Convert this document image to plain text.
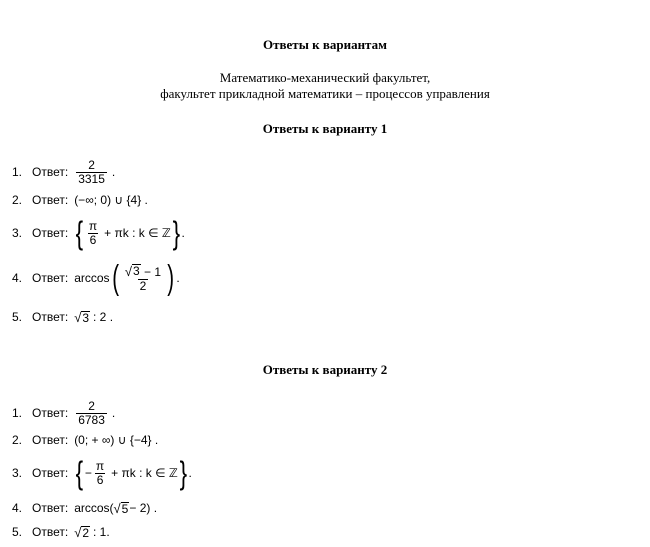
Ответы к вариантам
Математико-механический факультет,
факультет прикладной математики – процессов управления
Ответы к варианту 1
1. Ответ: $\frac{2}{3315}$ .
2. Ответ: (−∞; 0) ∪ {4} .
3. Ответ: { $\frac{\pi}{6} + \pi k$ : k ∈ ℤ } .
4. Ответ: arccos ( $\frac{√ 3 - 1}{2}$ ) .
5. Ответ: √ 3 : 2 .
Ответы к варианту 2
1. Ответ: $\frac{2}{6783}$ .
2. Ответ: (0; + ∞) ∪ {−4} .
3. Ответ: { − $\frac{\pi}{6} + \pi k$ : k ∈ ℤ } .
4. Ответ: arccos( √ 5 − 2) .
5. Ответ: √ 2 : 1.
